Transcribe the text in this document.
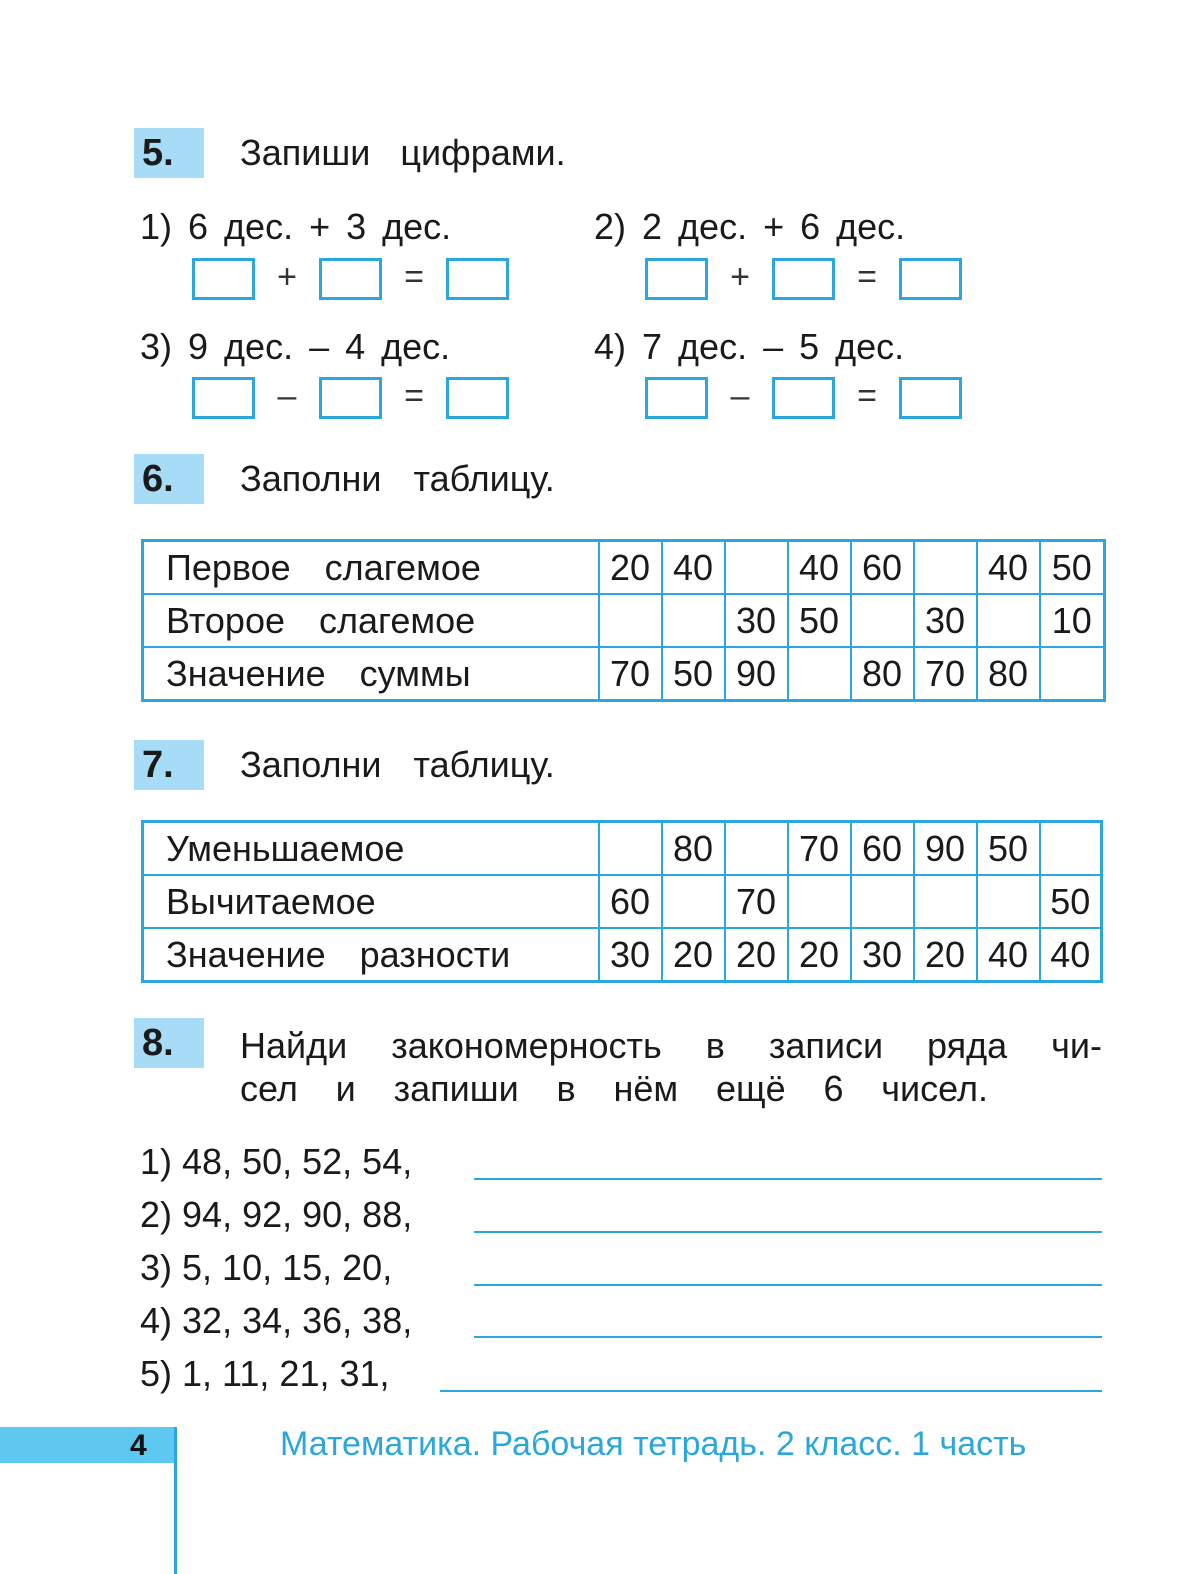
5.	Запиши цифрами.
1) 6 дес. + 3 дес.
+	=
2) 2 дес. + 6 дес.
+	=
3) 9 дес. – 4 дес.
–	=
4) 7 дес. – 5 дес.
–	=
6.	Заполни таблицу.
Первое слагемое	20	40		40	60		40	50
Второе слагемое			30	50		30		10
Значение суммы	70	50	90		80	70	80	
7.	Заполни таблицу.
Уменьшаемое		80		70	60	90	50	
Вычитаемое	60		70					50
Значение разности	30	20	20	20	30	20	40	40
8.	Найди закономерность в записи ряда чи-
сел и запиши в нём ещё 6 чисел.
1) 48, 50, 52, 54,
2) 94, 92, 90, 88,
3) 5, 10, 15, 20,
4) 32, 34, 36, 38,
5) 1, 11, 21, 31,
4	Математика. Рабочая тетрадь. 2 класс. 1 часть
